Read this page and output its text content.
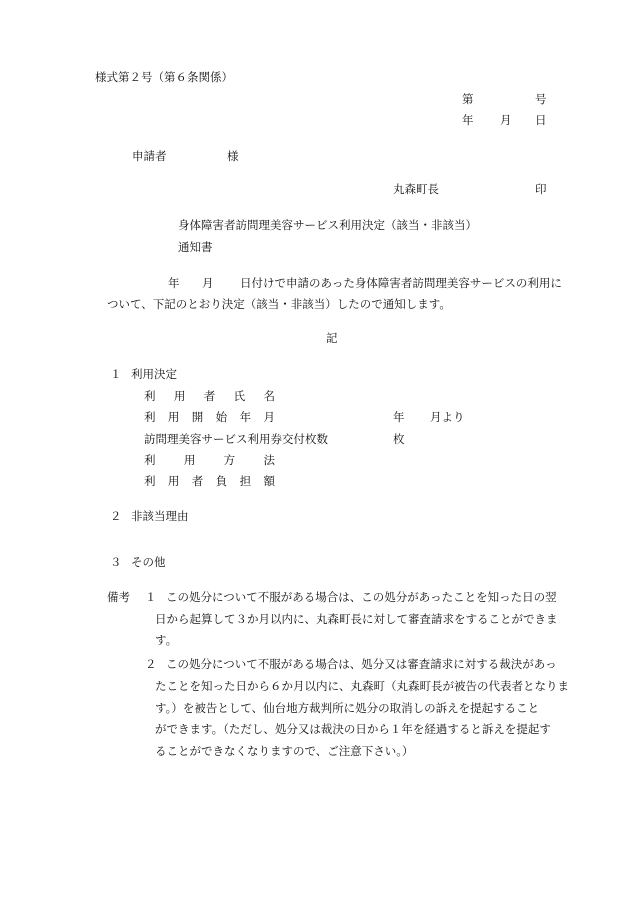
様式第２号（第６条関係）
第	号
年 月 日
申請者	様
丸森町長	印
身体障害者訪問理美容サービス利用決定（該当・非該当）
通知書
年 月 日付けで申請のあった身体障害者訪問理美容サービスの利用に
ついて、下記のとおり決定（該当・非該当）したので通知します。
記
１ 利用決定
利 用 者 氏 名
利 用 開 始 年 月	年 月より
訪問理美容サービス利用券交付枚数	枚
利 用 方 法
利 用 者 負 担 額
２ 非該当理由
３ その他
備考 １ この処分について不服がある場合は、この処分があったことを知った日の翌
日から起算して３か月以内に、丸森町長に対して審査請求をすることができま
す。
２ この処分について不服がある場合は、処分又は審査請求に対する裁決があっ
たことを知った日から６か月以内に、丸森町（丸森町長が被告の代表者となりま
す。）を被告として、仙台地方裁判所に処分の取消しの訴えを提起すること
ができます。（ただし、処分又は裁決の日から１年を経過すると訴えを提起す
ることができなくなりますので、ご注意下さい。）
